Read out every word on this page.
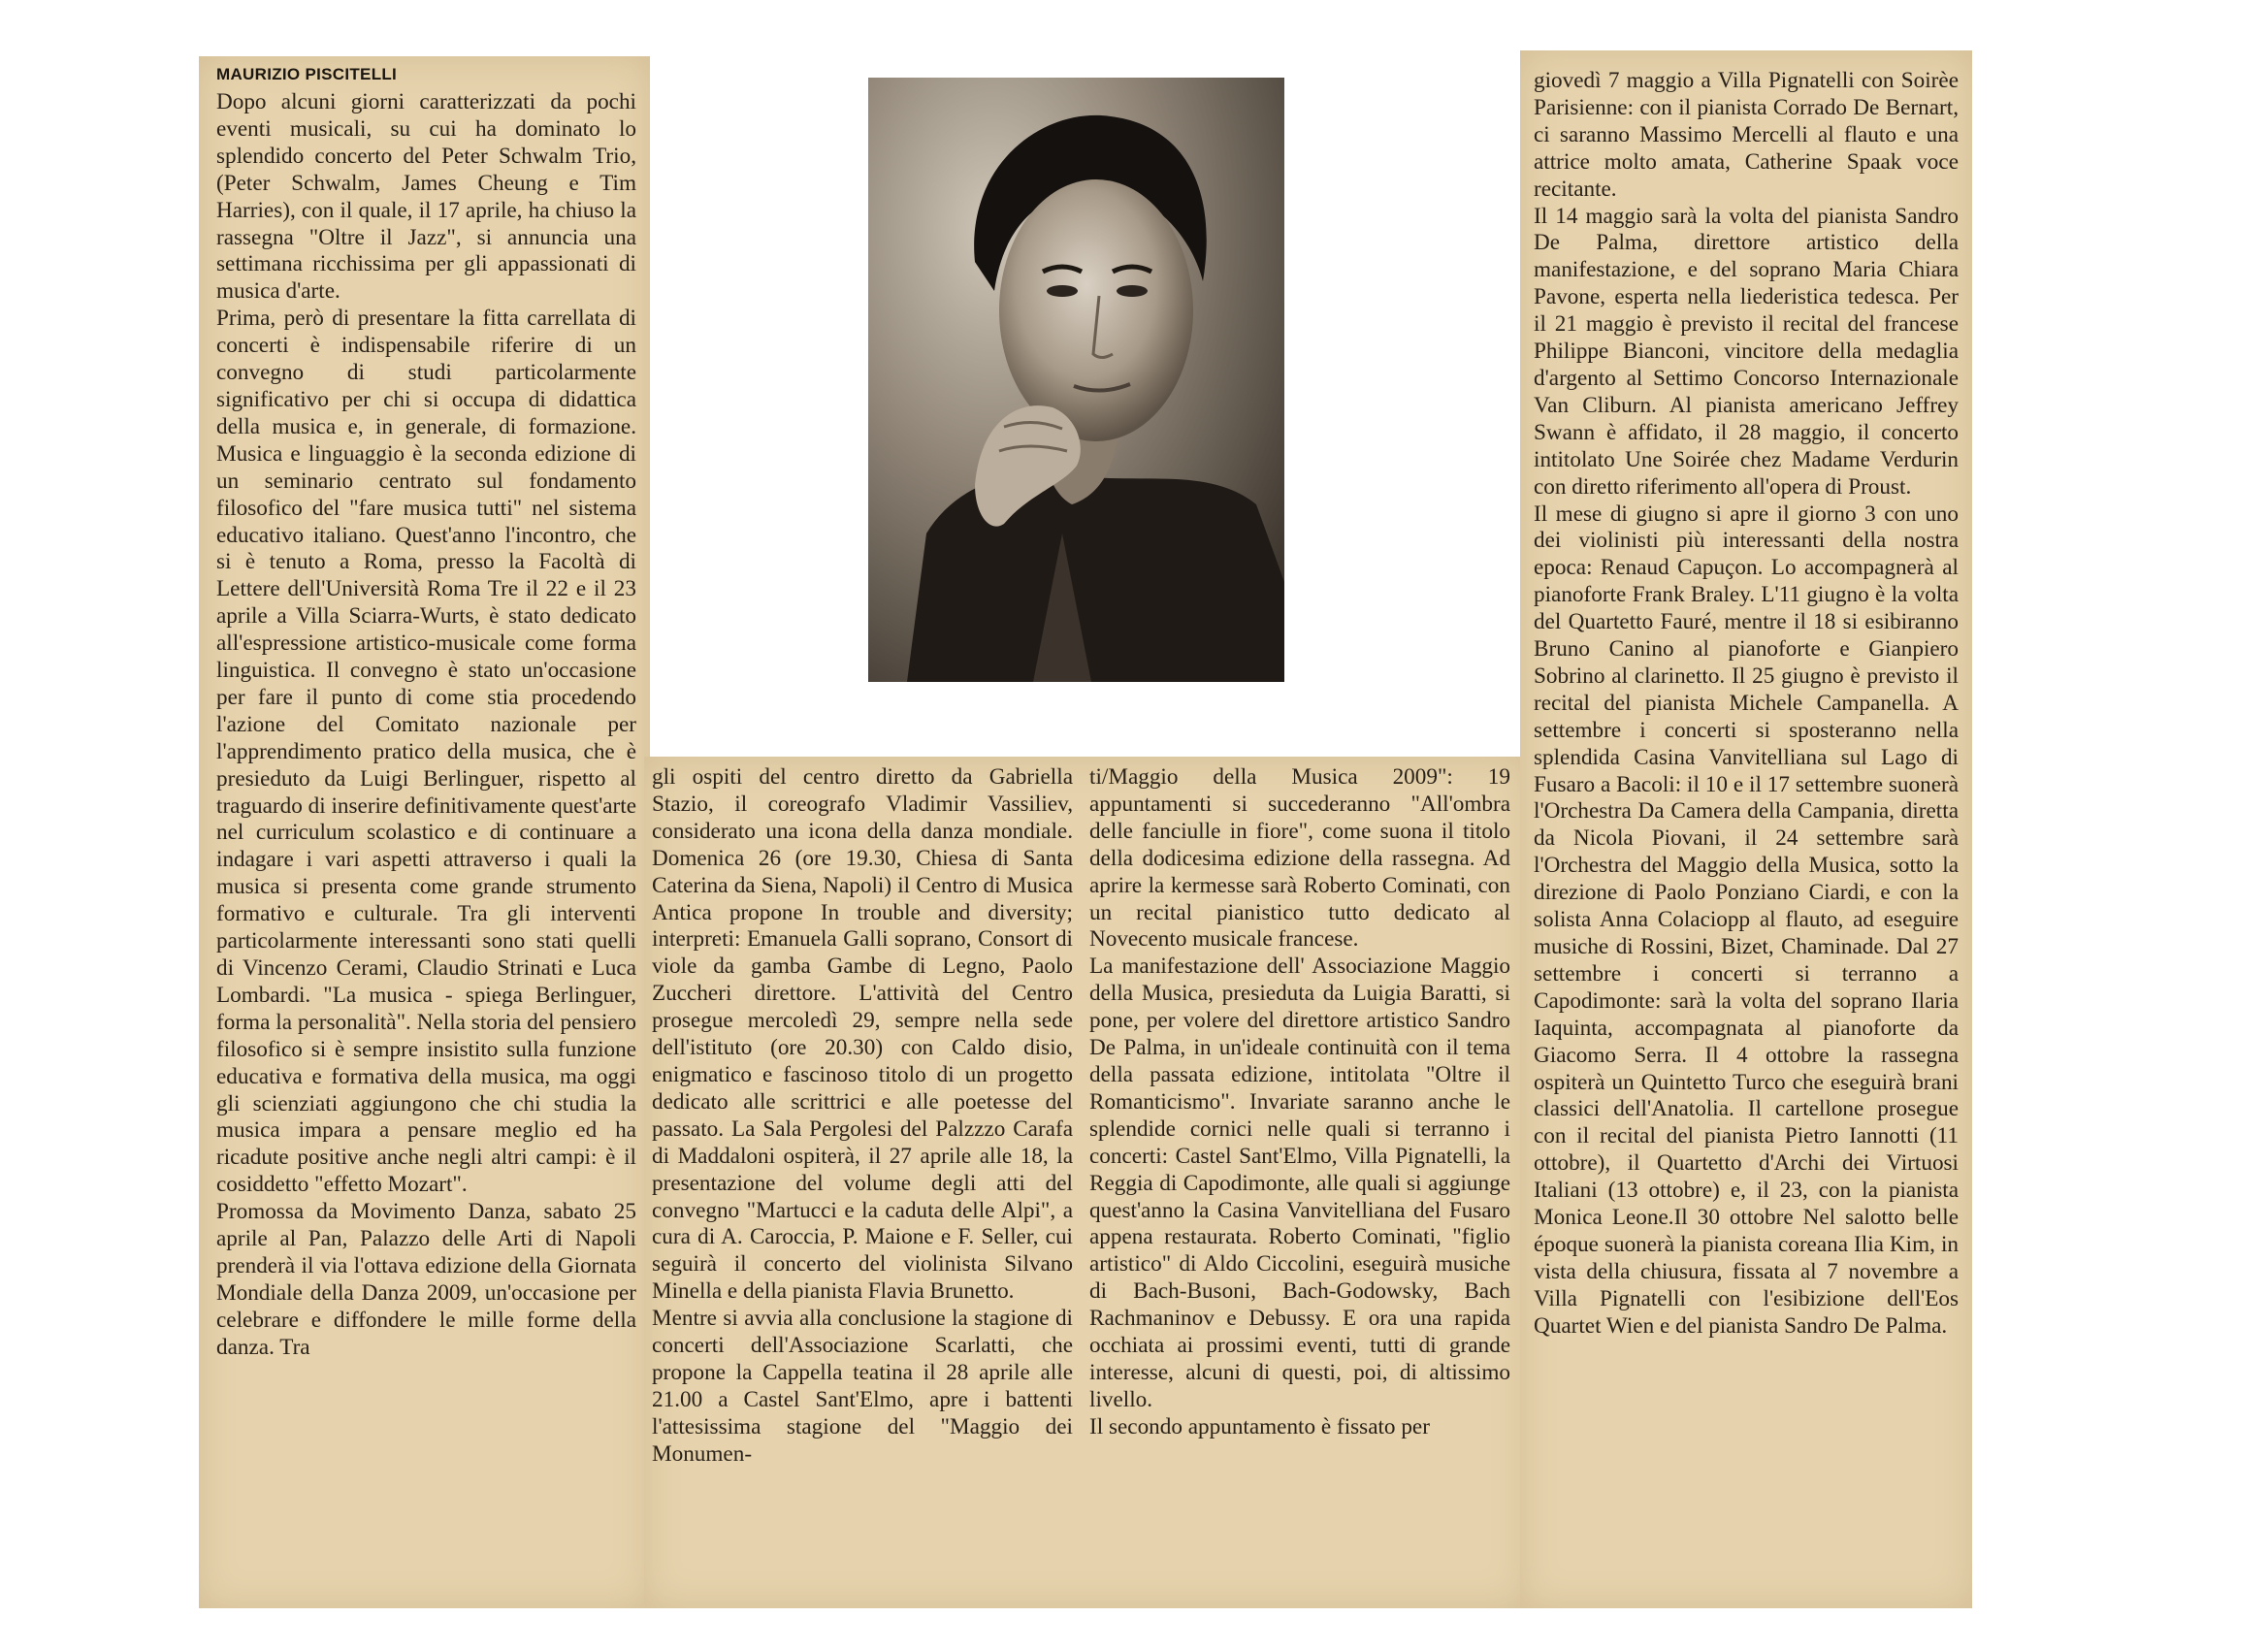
MAURIZIO PISCITELLI

Dopo alcuni giorni caratterizzati da pochi eventi musicali, su cui ha dominato lo splendido concerto del Peter Schwalm Trio, (Peter Schwalm, James Cheung e Tim Harries), con il quale, il 17 aprile, ha chiuso la rassegna "Oltre il Jazz", si annuncia una settimana ricchissima per gli appassionati di musica d'arte.

Prima, però di presentare la fitta carrellata di concerti è indispensabile riferire di un convegno di studi particolarmente significativo per chi si occupa di didattica della musica e, in generale, di formazione. Musica e linguaggio è la seconda edizione di un seminario centrato sul fondamento filosofico del "fare musica tutti" nel sistema educativo italiano. Quest'anno l'incontro, che si è tenuto a Roma, presso la Facoltà di Lettere dell'Università Roma Tre il 22 e il 23 aprile a Villa Sciarra-Wurts, è stato dedicato all'espressione artistico-musicale come forma linguistica. Il convegno è stato un'occasione per fare il punto di come stia procedendo l'azione del Comitato nazionale per l'apprendimento pratico della musica, che è presieduto da Luigi Berlinguer, rispetto al traguardo di inserire definitivamente quest'arte nel curriculum scolastico e di continuare a indagare i vari aspetti attraverso i quali la musica si presenta come grande strumento formativo e culturale. Tra gli interventi particolarmente interessanti sono stati quelli di Vincenzo Cerami, Claudio Strinati e Luca Lombardi. "La musica - spiega Berlinguer, forma la personalità". Nella storia del pensiero filosofico si è sempre insistito sulla funzione educativa e formativa della musica, ma oggi gli scienziati aggiungono che chi studia la musica impara a pensare meglio ed ha ricadute positive anche negli altri campi: è il cosiddetto "effetto Mozart".

Promossa da Movimento Danza, sabato 25 aprile al Pan, Palazzo delle Arti di Napoli prenderà il via l'ottava edizione della Giornata Mondiale della Danza 2009, un'occasione per celebrare e diffondere le mille forme della danza. Tra

gli ospiti del centro diretto da Gabriella Stazio, il coreografo Vladimir Vassiliev, considerato una icona della danza mondiale. Domenica 26 (ore 19.30, Chiesa di Santa Caterina da Siena, Napoli) il Centro di Musica Antica propone In trouble and diversity; interpreti: Emanuela Galli soprano, Consort di viole da gamba Gambe di Legno, Paolo Zuccheri direttore. L'attività del Centro prosegue mercoledì 29, sempre nella sede dell'istituto (ore 20.30) con Caldo disio, enigmatico e fascinoso titolo di un progetto dedicato alle scrittrici e alle poetesse del passato. La Sala Pergolesi del Palzzzo Carafa di Maddaloni ospiterà, il 27 aprile alle 18, la presentazione del volume degli atti del convegno "Martucci e la caduta delle Alpi", a cura di A. Caroccia, P. Maione e F. Seller, cui seguirà il concerto del violinista Silvano Minella e della pianista Flavia Brunetto.

Mentre si avvia alla conclusione la stagione di concerti dell'Associazione Scarlatti, che propone la Cappella teatina il 28 aprile alle 21.00 a Castel Sant'Elmo, apre i battenti l'attesissima stagione del "Maggio dei Monumen-

ti/Maggio della Musica 2009": 19 appuntamenti si succederanno "All'ombra delle fanciulle in fiore", come suona il titolo della dodicesima edizione della rassegna. Ad aprire la kermesse sarà Roberto Cominati, con un recital pianistico tutto dedicato al Novecento musicale francese.

La manifestazione dell' Associazione Maggio della Musica, presieduta da Luigia Baratti, si pone, per volere del direttore artistico Sandro De Palma, in un'ideale continuità con il tema della passata edizione, intitolata "Oltre il Romanticismo". Invariate saranno anche le splendide cornici nelle quali si terranno i concerti: Castel Sant'Elmo, Villa Pignatelli, la Reggia di Capodimonte, alle quali si aggiunge quest'anno la Casina Vanvitelliana del Fusaro appena restaurata. Roberto Cominati, "figlio artistico" di Aldo Ciccolini, eseguirà musiche di Bach-Busoni, Bach-Godowsky, Bach Rachmaninov e Debussy. E ora una rapida occhiata ai prossimi eventi, tutti di grande interesse, alcuni di questi, poi, di altissimo livello.

Il secondo appuntamento è fissato per

giovedì 7 maggio a Villa Pignatelli con Soirèe Parisienne: con il pianista Corrado De Bernart, ci saranno Massimo Mercelli al flauto e una attrice molto amata, Catherine Spaak voce recitante.

Il 14 maggio sarà la volta del pianista Sandro De Palma, direttore artistico della manifestazione, e del soprano Maria Chiara Pavone, esperta nella liederistica tedesca. Per il 21 maggio è previsto il recital del francese Philippe Bianconi, vincitore della medaglia d'argento al Settimo Concorso Internazionale Van Cliburn. Al pianista americano Jeffrey Swann è affidato, il 28 maggio, il concerto intitolato Une Soirée chez Madame Verdurin con diretto riferimento all'opera di Proust.

Il mese di giugno si apre il giorno 3 con uno dei violinisti più interessanti della nostra epoca: Renaud Capuçon. Lo accompagnerà al pianoforte Frank Braley. L'11 giugno è la volta del Quartetto Fauré, mentre il 18 si esibiranno Bruno Canino al pianoforte e Gianpiero Sobrino al clarinetto. Il 25 giugno è previsto il recital del pianista Michele Campanella. A settembre i concerti si sposteranno nella splendida Casina Vanvitelliana sul Lago di Fusaro a Bacoli: il 10 e il 17 settembre suonerà l'Orchestra Da Camera della Campania, diretta da Nicola Piovani, il 24 settembre sarà l'Orchestra del Maggio della Musica, sotto la direzione di Paolo Ponziano Ciardi, e con la solista Anna Colaciopp al flauto, ad eseguire musiche di Rossini, Bizet, Chaminade. Dal 27 settembre i concerti si terranno a Capodimonte: sarà la volta del soprano Ilaria Iaquinta, accompagnata al pianoforte da Giacomo Serra. Il 4 ottobre la rassegna ospiterà un Quintetto Turco che eseguirà brani classici dell'Anatolia. Il cartellone prosegue con il recital del pianista Pietro Iannotti (11 ottobre), il Quartetto d'Archi dei Virtuosi Italiani (13 ottobre) e, il 23, con la pianista Monica Leone.Il 30 ottobre Nel salotto belle époque suonerà la pianista coreana Ilia Kim, in vista della chiusura, fissata al 7 novembre a Villa Pignatelli con l'esibizione dell'Eos Quartet Wien e del pianista Sandro De Palma.
